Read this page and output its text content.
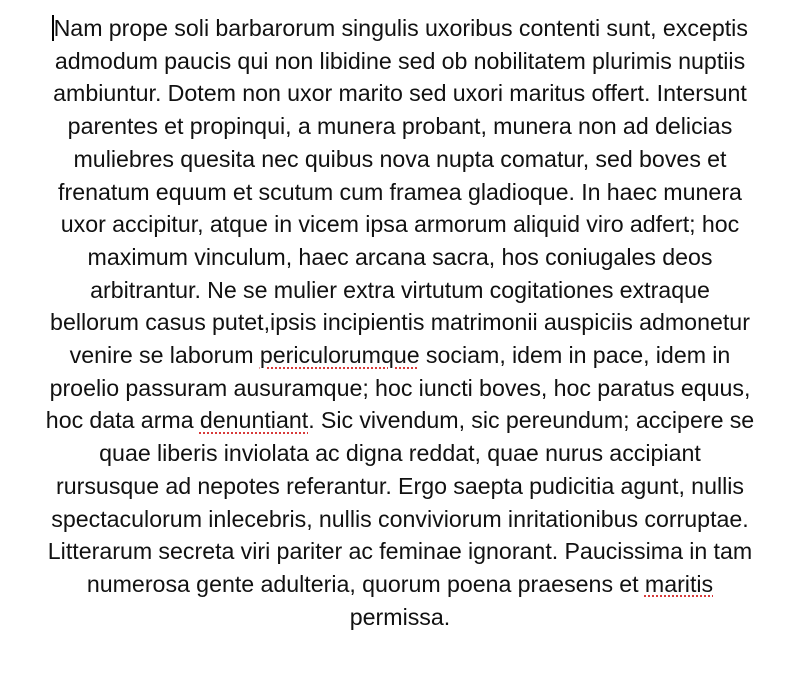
Nam prope soli barbarorum singulis uxoribus contenti sunt, exceptis
admodum paucis qui non libidine sed ob nobilitatem plurimis nuptiis
ambiuntur. Dotem non uxor marito sed uxori maritus offert. Intersunt
parentes et propinqui, a munera probant, munera non ad delicias
muliebres quesita nec quibus nova nupta comatur, sed boves et
frenatum equum et scutum cum framea gladioque. In haec munera
uxor accipitur, atque in vicem ipsa armorum aliquid viro adfert; hoc
maximum vinculum, haec arcana sacra, hos coniugales deos
arbitrantur. Ne se mulier extra virtutum cogitationes extraque
bellorum casus putet,ipsis incipientis matrimonii auspiciis admonetur
venire se laborum periculorumque sociam, idem in pace, idem in
proelio passuram ausuramque; hoc iuncti boves, hoc paratus equus,
hoc data arma denuntiant. Sic vivendum, sic pereundum; accipere se
quae liberis inviolata ac digna reddat, quae nurus accipiant
rursusque ad nepotes referantur. Ergo saepta pudicitia agunt, nullis
spectaculorum inlecebris, nullis conviviorum inritationibus corruptae.
Litterarum secreta viri pariter ac feminae ignorant. Paucissima in tam
numerosa gente adulteria, quorum poena praesens et maritis
permissa.
